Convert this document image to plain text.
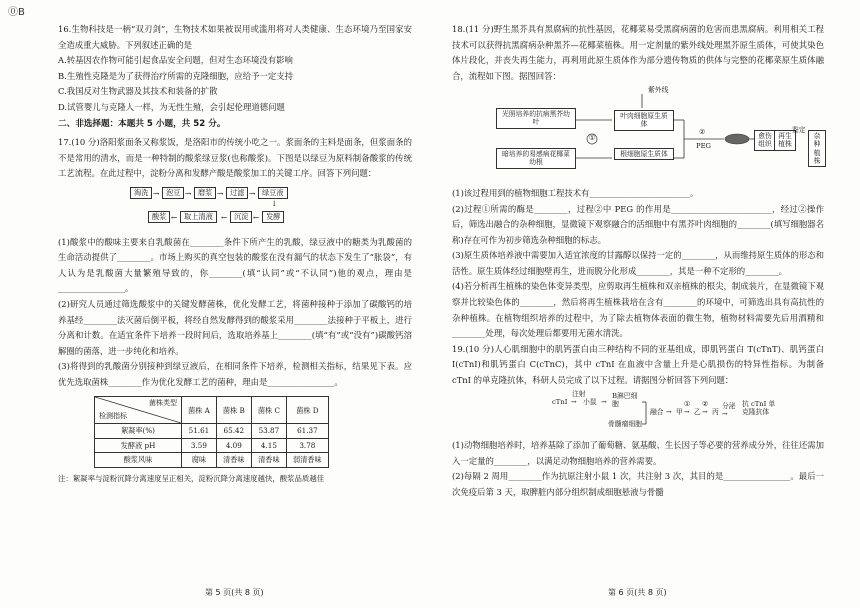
⓪B

16.生物科技是一柄“双刃剑”，生物技术如果被误用或滥用将对人类健康、生态环境乃至国家安全造成重大威胁。下列叙述正确的是

A.转基因农作物可能引起食品安全问题，但对生态环境没有影响

B.生殖性克隆是为了获得治疗所需的克隆细胞，应给予一定支持

C.我国反对生物武器及其技术和装备的扩散

D.试管婴儿与克隆人一样，为无性生殖，会引起伦理道德问题

二、非选择题：本题共 5 小题，共 52 分。

17.(10 分)洛阳浆面条又称浆饭，是洛阳市的传统小吃之一。浆面条的主料是面条，但浆面条的不是常用的清水，而是一种特制的酸浆绿豆浆(也称酸浆)。下图是以绿豆为原料制备酸浆的传统工艺流程。在此过程中，淀粉分离和发酵产酸是酸浆加工的关键工序。回答下列问题：

淘洗 → 泡豆 → 磨浆 → 过滤 → 绿豆液
↓
发酵
←
沉淀
←
取上清液
←
酸浆

(1)酸浆中的酸味主要来自乳酸菌在________条件下所产生的乳酸，绿豆液中的糖类为乳酸菌的生命活动提供了________。市场上购买的真空包装的酸浆在没有漏气的状态下发生了“胀袋”，有人认为是乳酸菌大量繁殖导致的，你________(填“认同”或“不认同”)他的观点，理由是________________。

(2)研究人员通过筛选酸浆中的关键发酵菌株，优化发酵工艺，将菌种接种于添加了碳酸钙的培养基经________法灭菌后倒平板，将经自然发酵得到的酸浆采用________法接种于平板上，进行分离和计数。在适宜条件下培养一段时间后，选取培养基上________(填“有”或“没有”)碳酸钙溶解圈的菌落，进一步纯化和培养。

(3)将得到的乳酸菌分别接种到绿豆液后，在相同条件下培养，检测相关指标，结果见下表。应优先选取菌株________作为优化发酵工艺的菌种，理由是________________。

菌株类型
检测指标	菌株 A	菌株 B	菌株 C	菌株 D
絮凝率(%)	51.61	65.42	53.87	61.37
发酵液 pH	3.59	4.09	4.15	3.78
酸浆风味	腐味	清香味	清香味	弱清香味

注：絮凝率与淀粉沉降分离速度呈正相关，淀粉沉降分离速度越快，酸浆品质越佳

第 5 页(共 8 页)

18.(11 分)野生黑芥具有黑腐病的抗性基因，花椰菜易受黑腐病菌的危害而患黑腐病。利用相关工程技术可以获得抗黑腐病杂种黑芥—花椰菜植株。用一定剂量的紫外线处理黑芥原生质体，可使其染色体片段化，并丧失再生能力，再利用此原生质体作为部分遗传物质的供体与完整的花椰菜原生质体融合，流程如下图。据图回答：

紫外线
光照培养的抗病黑芥幼叶
叶肉细胞原生质体
暗培养的易感病花椰菜幼根
根细胞原生质体
①
②
PEG
愈伤组织
再生植株
鉴定
杂种植株

(1)该过程用到的植物细胞工程技术有________________________。

(2)过程①所需的酶是________，过程②中 PEG 的作用是________________________，经过②操作后，筛选出融合的杂种细胞，显微镜下观察融合的活细胞中有黑芥叶肉细胞的________(填写细胞器名称)存在可作为初步筛选杂种细胞的标志。

(3)原生质体培养液中需要加入适宜浓度的甘露醇以保持一定的________，从而维持原生质体的形态和活性。原生质体经过细胞壁再生，进而脱分化形成________，其是一种不定形的________。

(4)若分析再生植株的染色体变异类型，应剪取再生植株和双亲植株的根尖，制成装片，在显微镜下观察并比较染色体的________，然后将再生植株栽培在含有________的环境中，可筛选出具有高抗性的杂种植株。在植物组织培养的过程中，为了除去植物体表面的微生物，植物材料需要先后用酒精和________处理，每次处理后都要用无菌水清洗。

19.(10 分)人心肌细胞中的肌钙蛋白由三种结构不同的亚基组成，即肌钙蛋白 T(cTnT)、肌钙蛋白 I(cTnI)和肌钙蛋白 C(cTnC)，其中 cTnI 在血液中含量上升是心肌损伤的特异性指标。为制备 cTnI 的单克隆抗体，科研人员完成了以下过程。请据图分析回答下列问题：

cTnI
注射
→ 小鼠 →
B淋巴细胞
骨髓瘤细胞
融合 → 甲
①
→ 乙
②
→ 丙
分泌
→
抗 cTnI 单克隆抗体

(1)动物细胞培养时，培养基除了添加了葡萄糖、氨基酸、生长因子等必要的营养成分外，往往还需加入一定量的________，以满足动物细胞培养的营养需要。

(2)每隔 2 周用________作为抗原注射小鼠 1 次，共注射 3 次，其目的是________________。最后一次免疫后第 3 天，取脾脏内部分组织制成细胞悬液与骨髓

第 6 页(共 8 页)
